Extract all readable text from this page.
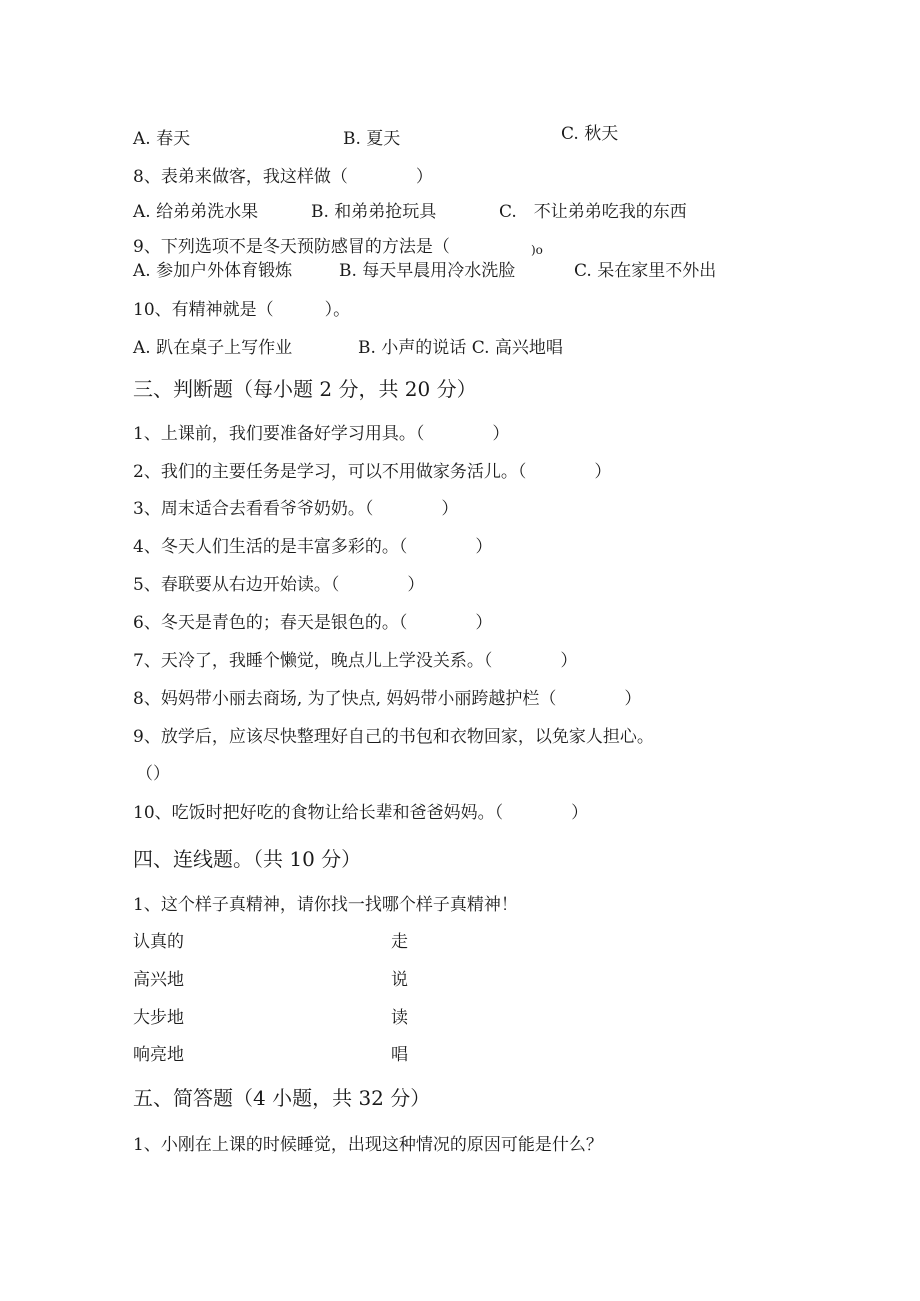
A. 春天	B. 夏天	C. 秋天
8、表弟来做客，我这样做（　　　　）
A. 给弟弟洗水果	B. 和弟弟抢玩具	C.　不让弟弟吃我的东西
9、下列选项不是冬天预防感冒的方法是（	)o
A. 参加户外体育锻炼	B. 每天早晨用冷水洗脸	C. 呆在家里不外出
10、有精神就是（　　　）。
A. 趴在桌子上写作业	B. 小声的说话 C. 高兴地唱
三、判断题（每小题 2 分，共 20 分）
1、上课前，我们要准备好学习用具。（　　　　）
2、我们的主要任务是学习，可以不用做家务活儿。（　　　　）
3、周末适合去看看爷爷奶奶。（　　　　）
4、冬天人们生活的是丰富多彩的。（　　　　）
5、春联要从右边开始读。（　　　　）
6、冬天是青色的；春天是银色的。（　　　　）
7、天冷了，我睡个懒觉，晚点儿上学没关系。（　　　　）
8、妈妈带小丽去商场, 为了快点, 妈妈带小丽跨越护栏（　　　　）
9、放学后，应该尽快整理好自己的书包和衣物回家，以免家人担心。
（）
10、吃饭时把好吃的食物让给长辈和爸爸妈妈。（　　　　）
四、连线题。（共 10 分）
1、这个样子真精神，请你找一找哪个样子真精神！
认真的	走
高兴地	说
大步地	读
响亮地	唱
五、简答题（4 小题，共 32 分）
1、小刚在上课的时候睡觉，出现这种情况的原因可能是什么？
